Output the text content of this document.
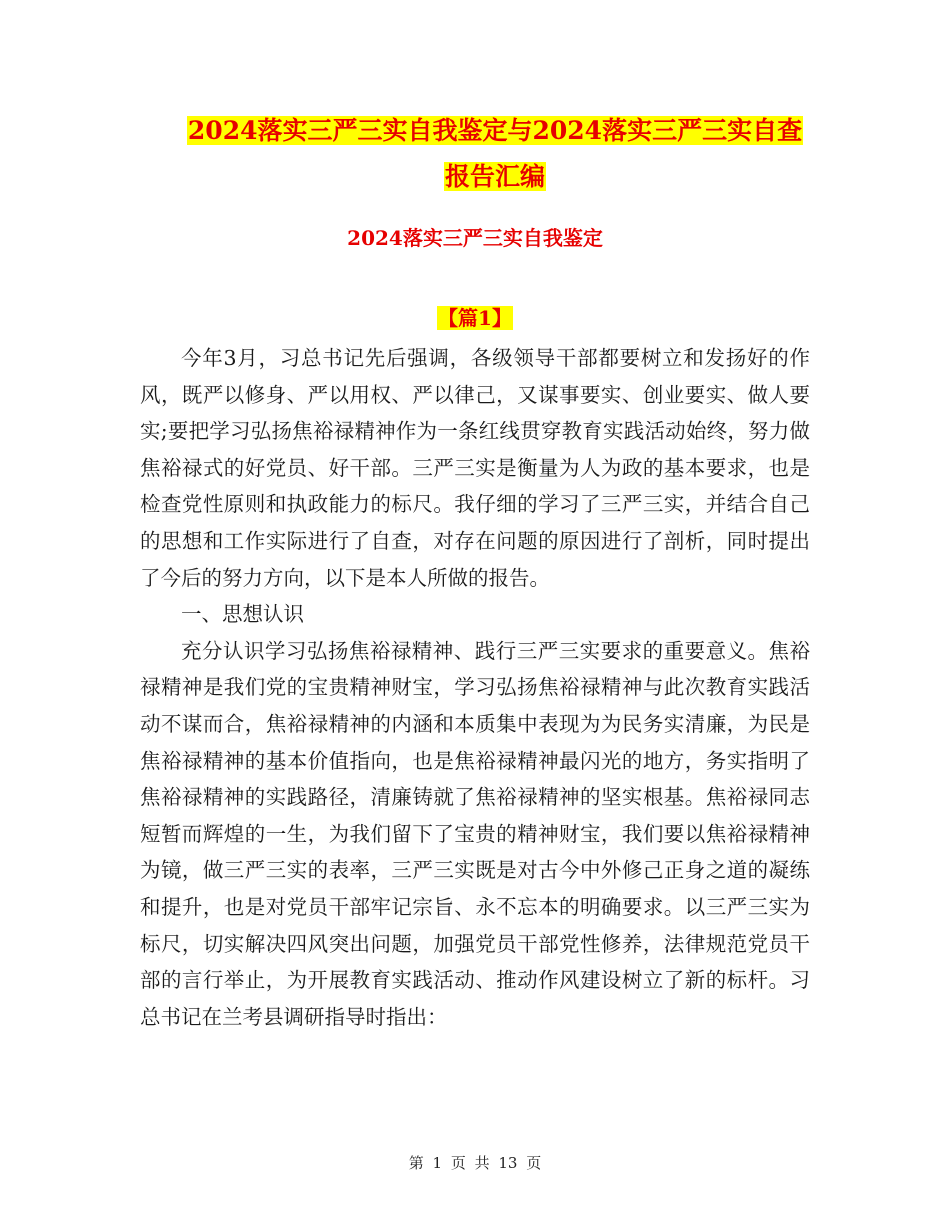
2024落实三严三实自我鉴定与2024落实三严三实自查
报告汇编
2024落实三严三实自我鉴定
【篇1】

今年3月，习总书记先后强调，各级领导干部都要树立和发扬好的作风，既严以修身、严以用权、严以律己，又谋事要实、创业要实、做人要实;要把学习弘扬焦裕禄精神作为一条红线贯穿教育实践活动始终，努力做焦裕禄式的好党员、好干部。三严三实是衡量为人为政的基本要求，也是检查党性原则和执政能力的标尺。我仔细的学习了三严三实，并结合自己的思想和工作实际进行了自查，对存在问题的原因进行了剖析，同时提出了今后的努力方向，以下是本人所做的报告。

一、思想认识

充分认识学习弘扬焦裕禄精神、践行三严三实要求的重要意义。焦裕禄精神是我们党的宝贵精神财宝，学习弘扬焦裕禄精神与此次教育实践活动不谋而合，焦裕禄精神的内涵和本质集中表现为为民务实清廉，为民是焦裕禄精神的基本价值指向，也是焦裕禄精神最闪光的地方，务实指明了焦裕禄精神的实践路径，清廉铸就了焦裕禄精神的坚实根基。焦裕禄同志短暂而辉煌的一生，为我们留下了宝贵的精神财宝，我们要以焦裕禄精神为镜，做三严三实的表率，三严三实既是对古今中外修己正身之道的凝练和提升，也是对党员干部牢记宗旨、永不忘本的明确要求。以三严三实为标尺，切实解决四风突出问题，加强党员干部党性修养，法律规范党员干部的言行举止，为开展教育实践活动、推动作风建设树立了新的标杆。习总书记在兰考县调研指导时指出：

第 1 页 共 13 页
